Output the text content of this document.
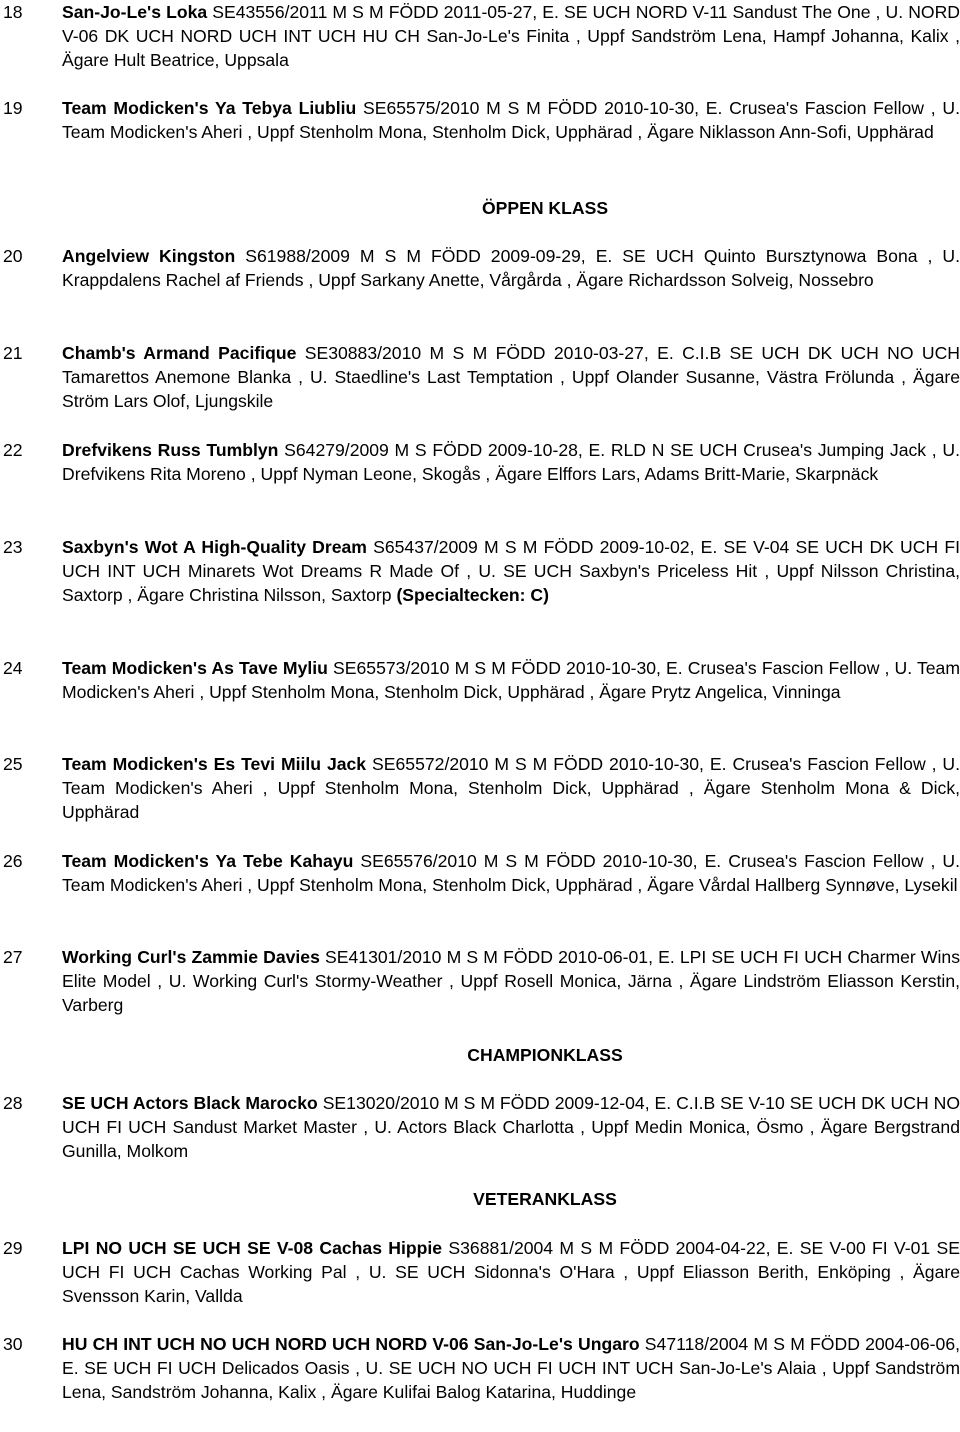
18	San-Jo-Le's Loka SE43556/2011 M S M FÖDD 2011-05-27, E. SE UCH NORD V-11 Sandust The One , U. NORD V-06 DK UCH NORD UCH INT UCH HU CH San-Jo-Le's Finita , Uppf Sandström Lena, Hampf Johanna, Kalix , Ägare Hult Beatrice, Uppsala
19	Team Modicken's Ya Tebya Liubliu SE65575/2010 M S M FÖDD 2010-10-30, E. Crusea's Fascion Fellow , U. Team Modicken's Aheri , Uppf Stenholm Mona, Stenholm Dick, Upphärad , Ägare Niklasson Ann-Sofi, Upphärad
ÖPPEN KLASS
20	Angelview Kingston S61988/2009 M S M FÖDD 2009-09-29, E. SE UCH Quinto Bursztynowa Bona , U. Krappdalens Rachel af Friends , Uppf Sarkany Anette, Vårgårda , Ägare Richardsson Solveig, Nossebro
21	Chamb's Armand Pacifique SE30883/2010 M S M FÖDD 2010-03-27, E. C.I.B SE UCH DK UCH NO UCH Tamarettos Anemone Blanka , U. Staedline's Last Temptation , Uppf Olander Susanne, Västra Frölunda , Ägare Ström Lars Olof, Ljungskile
22	Drefvikens Russ Tumblyn S64279/2009 M S FÖDD 2009-10-28, E. RLD N SE UCH Crusea's Jumping Jack , U. Drefvikens Rita Moreno , Uppf Nyman Leone, Skogås , Ägare Elffors Lars, Adams Britt-Marie, Skarpnäck
23	Saxbyn's Wot A High-Quality Dream S65437/2009 M S M FÖDD 2009-10-02, E. SE V-04 SE UCH DK UCH FI UCH INT UCH Minarets Wot Dreams R Made Of , U. SE UCH Saxbyn's Priceless Hit , Uppf Nilsson Christina, Saxtorp , Ägare Christina Nilsson, Saxtorp (Specialtecken: C)
24	Team Modicken's As Tave Myliu SE65573/2010 M S M FÖDD 2010-10-30, E. Crusea's Fascion Fellow , U. Team Modicken's Aheri , Uppf Stenholm Mona, Stenholm Dick, Upphärad , Ägare Prytz Angelica, Vinninga
25	Team Modicken's Es Tevi Miilu Jack SE65572/2010 M S M FÖDD 2010-10-30, E. Crusea's Fascion Fellow , U. Team Modicken's Aheri , Uppf Stenholm Mona, Stenholm Dick, Upphärad , Ägare Stenholm Mona & Dick, Upphärad
26	Team Modicken's Ya Tebe Kahayu SE65576/2010 M S M FÖDD 2010-10-30, E. Crusea's Fascion Fellow , U. Team Modicken's Aheri , Uppf Stenholm Mona, Stenholm Dick, Upphärad , Ägare Vårdal Hallberg Synnøve, Lysekil
27	Working Curl's Zammie Davies SE41301/2010 M S M FÖDD 2010-06-01, E. LPI SE UCH FI UCH Charmer Wins Elite Model , U. Working Curl's Stormy-Weather , Uppf Rosell Monica, Järna , Ägare Lindström Eliasson Kerstin, Varberg
CHAMPIONKLASS
28	SE UCH Actors Black Marocko SE13020/2010 M S M FÖDD 2009-12-04, E. C.I.B SE V-10 SE UCH DK UCH NO UCH FI UCH Sandust Market Master , U. Actors Black Charlotta , Uppf Medin Monica, Ösmo , Ägare Bergstrand Gunilla, Molkom
VETERANKLASS
29	LPI NO UCH SE UCH SE V-08 Cachas Hippie S36881/2004 M S M FÖDD 2004-04-22, E. SE V-00 FI V-01 SE UCH FI UCH Cachas Working Pal , U. SE UCH Sidonna's O'Hara , Uppf Eliasson Berith, Enköping , Ägare Svensson Karin, Vallda
30	HU CH INT UCH NO UCH NORD UCH NORD V-06 San-Jo-Le's Ungaro S47118/2004 M S M FÖDD 2004-06-06, E. SE UCH FI UCH Delicados Oasis , U. SE UCH NO UCH FI UCH INT UCH San-Jo-Le's Alaia , Uppf Sandström Lena, Sandström Johanna, Kalix , Ägare Kulifai Balog Katarina, Huddinge
